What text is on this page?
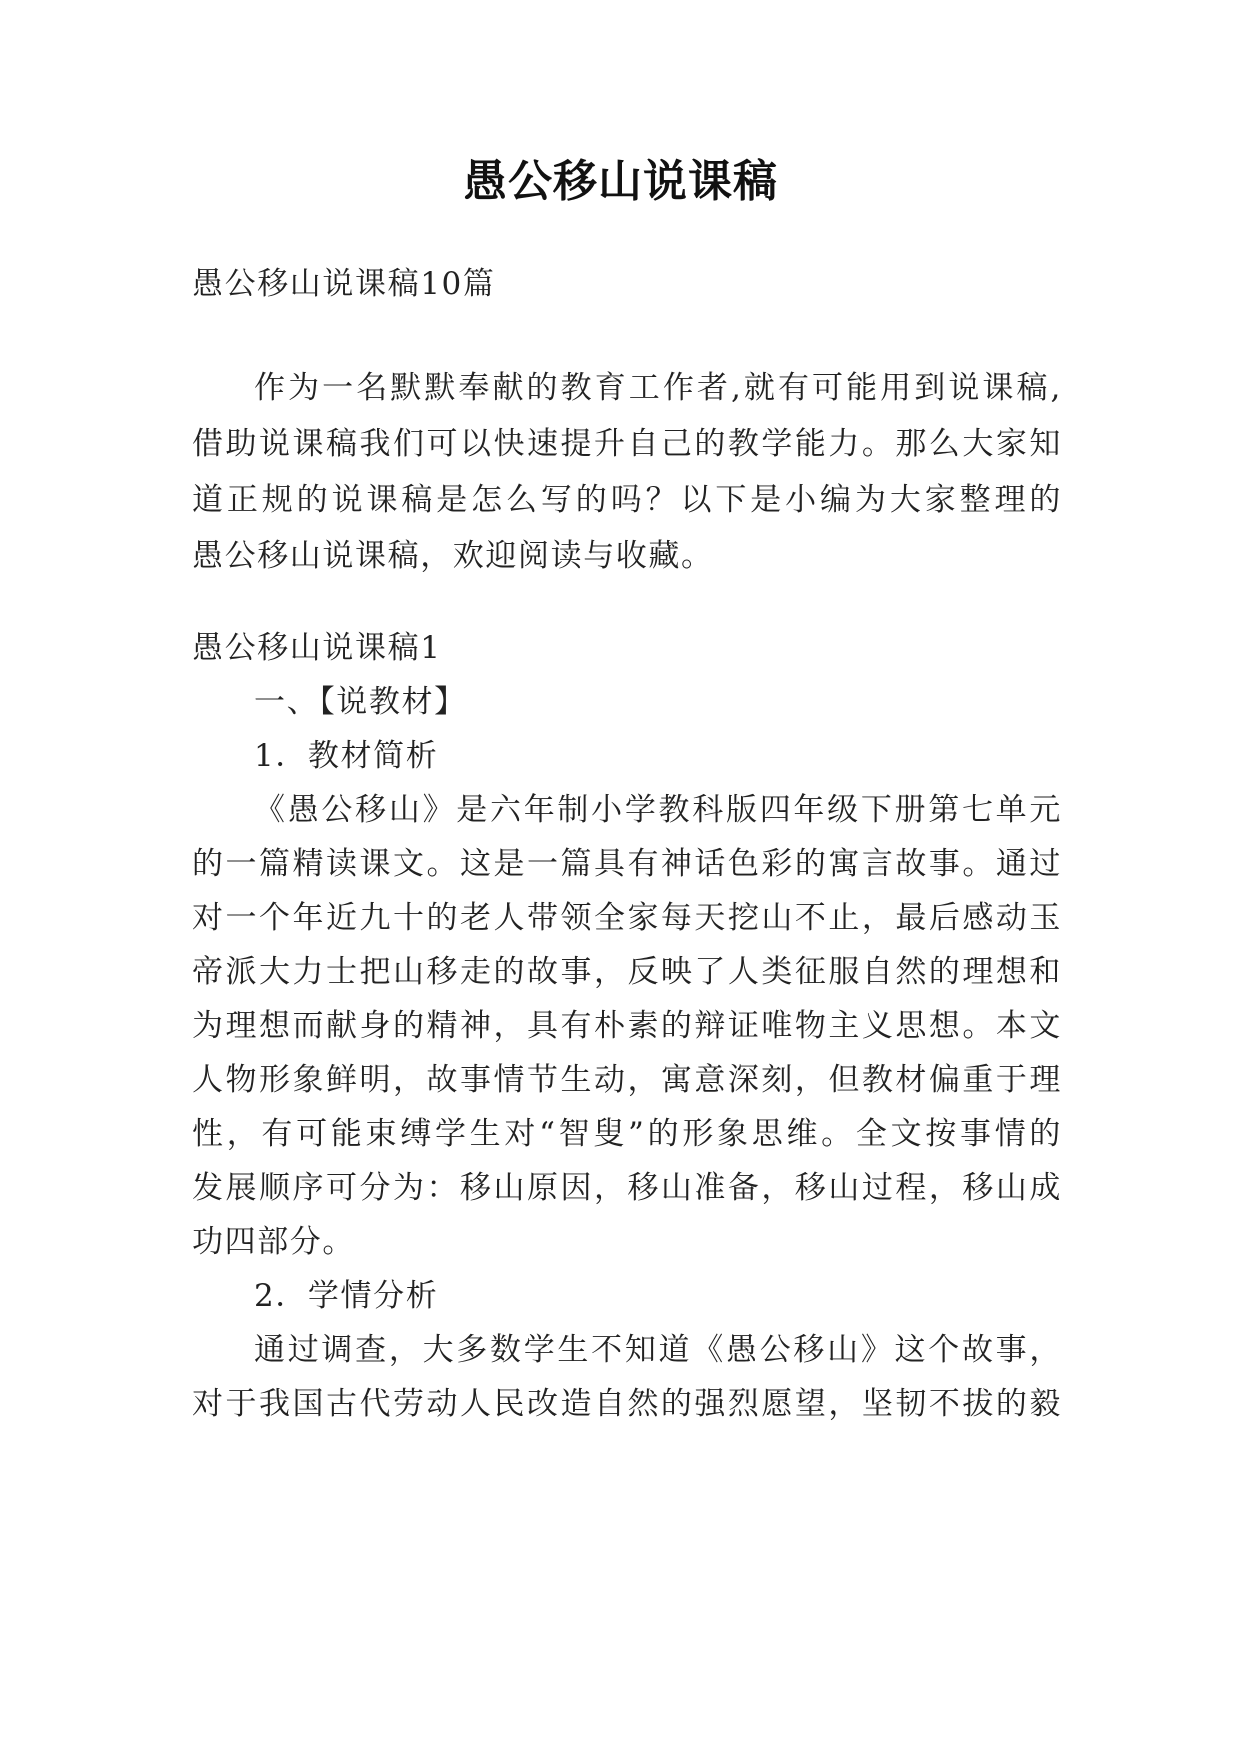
愚公移山说课稿
愚公移山说课稿10篇
作为一名默默奉献的教育工作者,就有可能用到说课稿,
借助说课稿我们可以快速提升自己的教学能力。那么大家知
道正规的说课稿是怎么写的吗？以下是小编为大家整理的
愚公移山说课稿，欢迎阅读与收藏。
愚公移山说课稿1
一、【说教材】
1．教材简析
《愚公移山》是六年制小学教科版四年级下册第七单元
的一篇精读课文。这是一篇具有神话色彩的寓言故事。通过
对一个年近九十的老人带领全家每天挖山不止，最后感动玉
帝派大力士把山移走的故事，反映了人类征服自然的理想和
为理想而献身的精神，具有朴素的辩证唯物主义思想。本文
人物形象鲜明，故事情节生动，寓意深刻，但教材偏重于理
性，有可能束缚学生对“智叟”的形象思维。全文按事情的
发展顺序可分为：移山原因，移山准备，移山过程，移山成
功四部分。
2．学情分析
通过调查，大多数学生不知道《愚公移山》这个故事，
对于我国古代劳动人民改造自然的强烈愿望，坚韧不拔的毅
